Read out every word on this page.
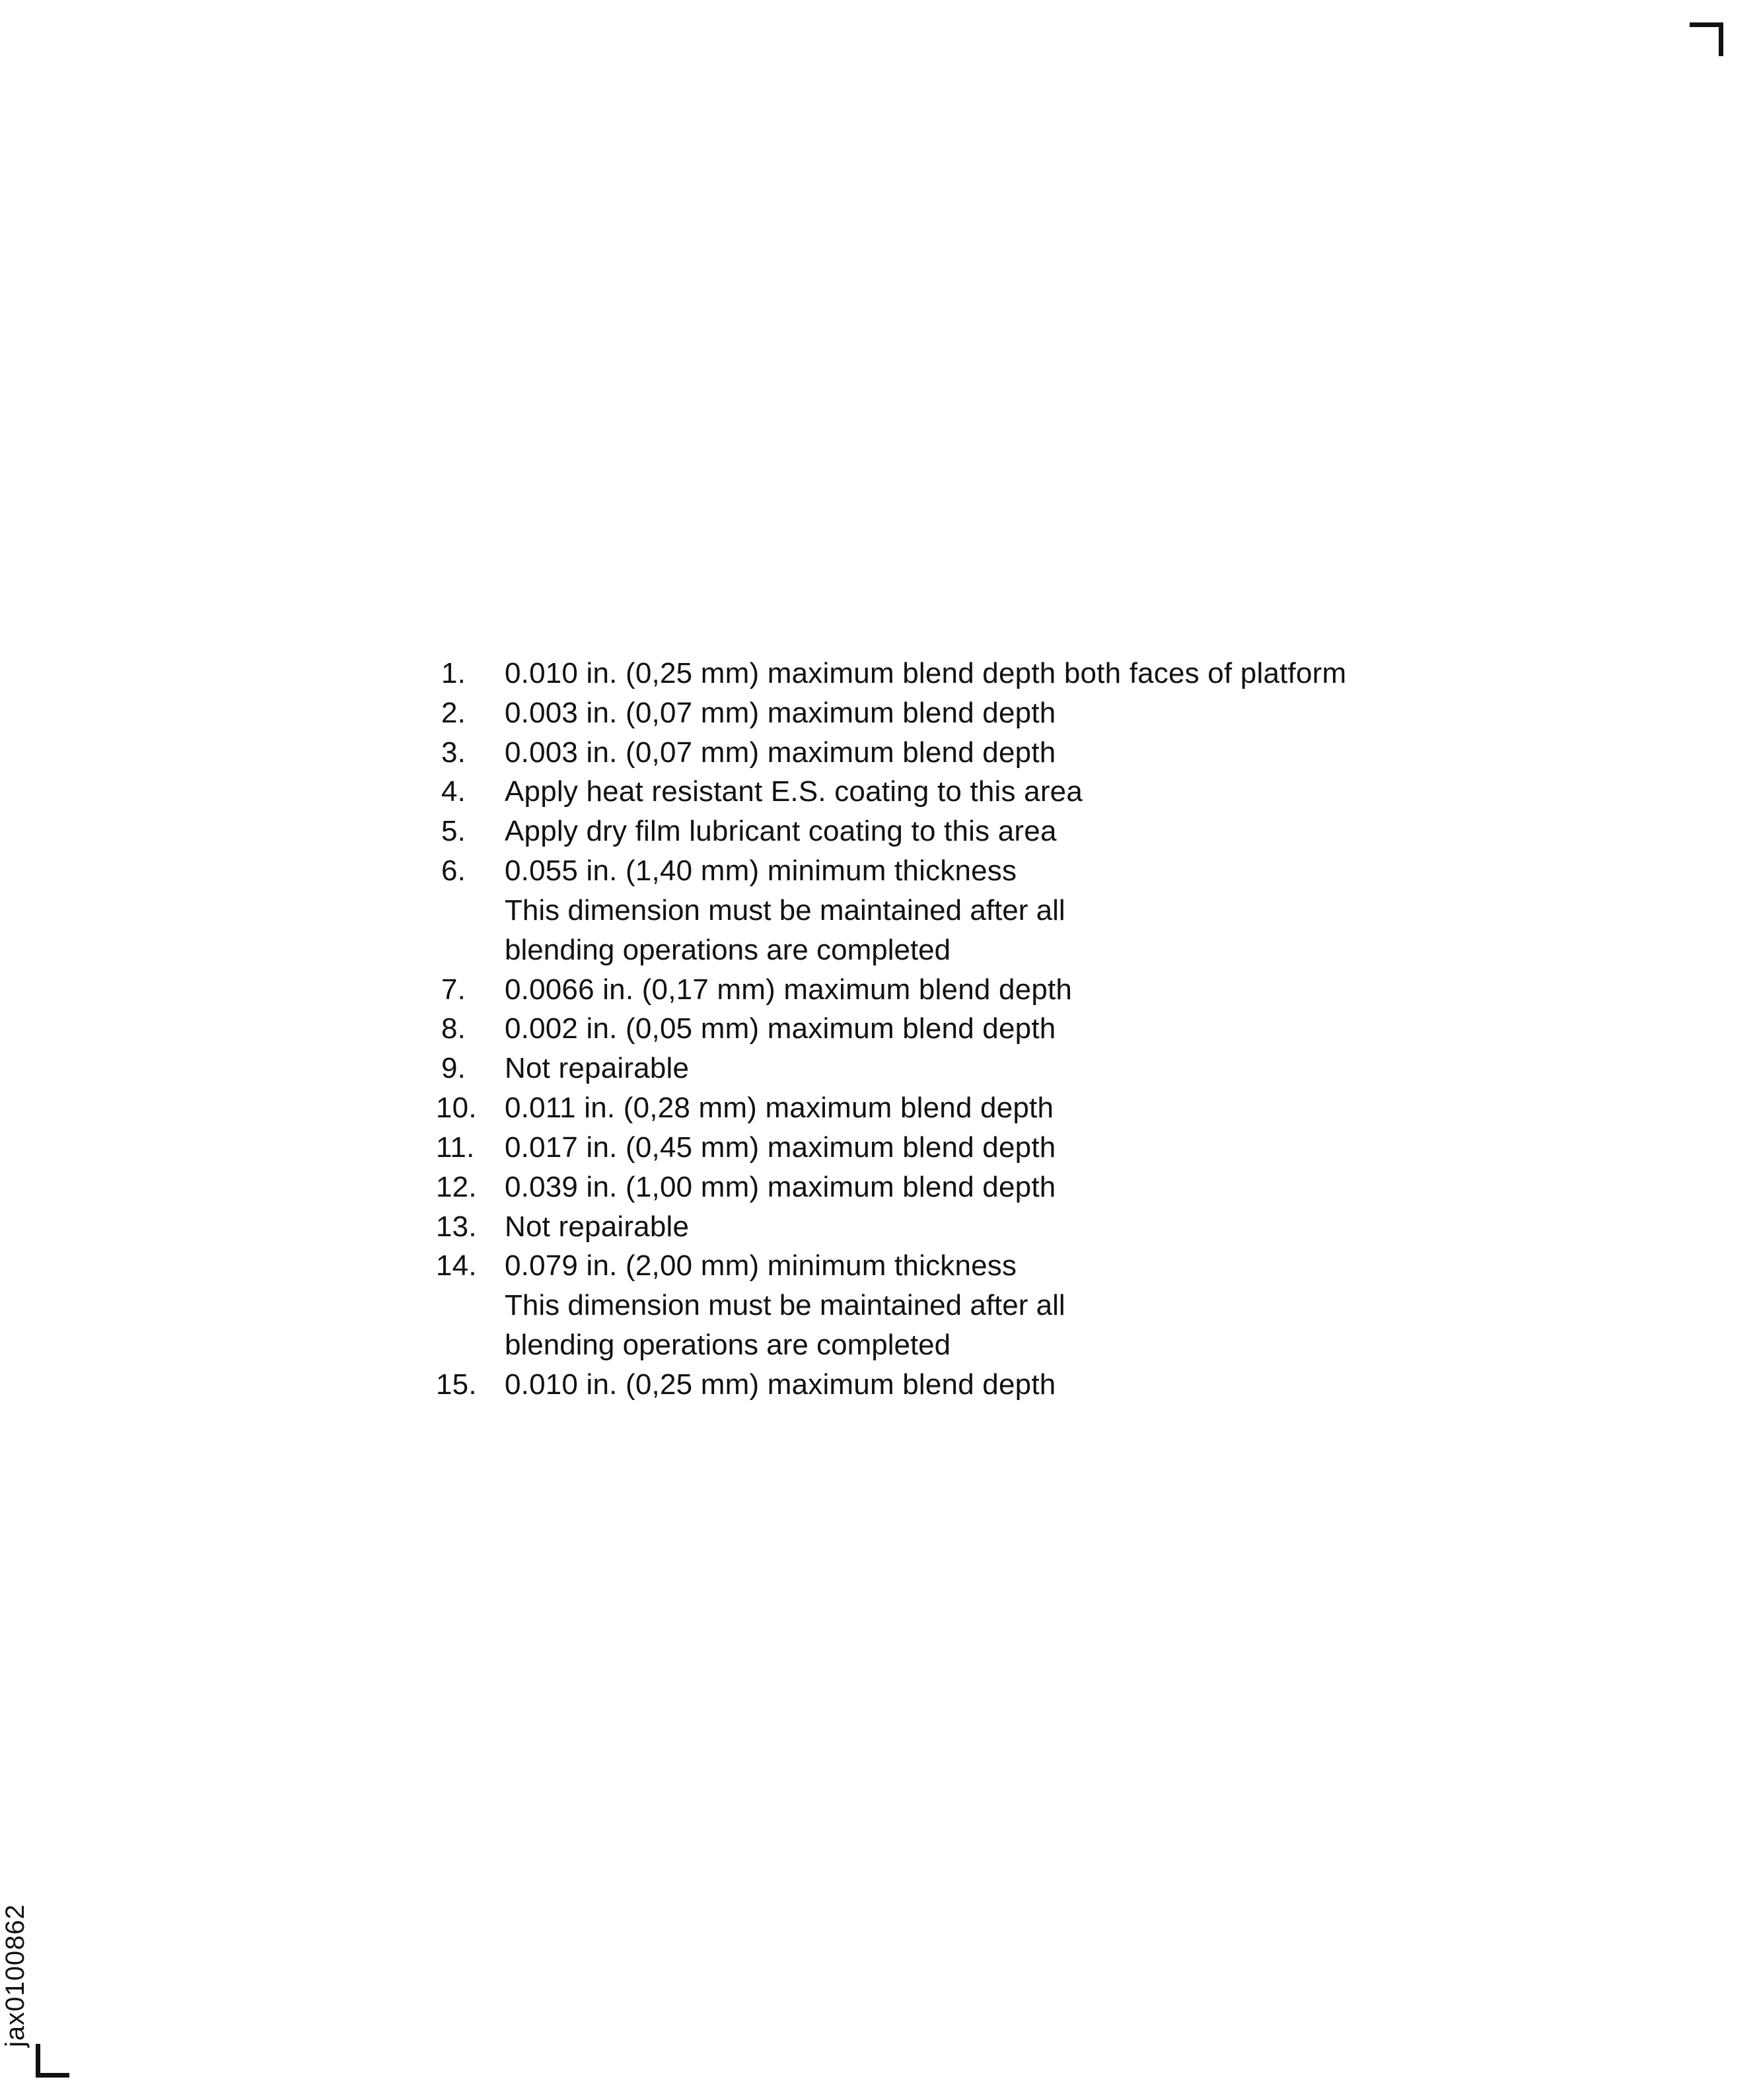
jax0100862
1.	0.010 in. (0,25 mm) maximum blend depth both faces of platform
2.	0.003 in. (0,07 mm) maximum blend depth
3.	0.003 in. (0,07 mm) maximum blend depth
4.	Apply heat resistant E.S. coating to this area
5.	Apply dry film lubricant coating to this area
6.	0.055 in. (1,40 mm) minimum thickness
This dimension must be maintained after all
blending operations are completed
7.	0.0066 in. (0,17 mm) maximum blend depth
8.	0.002 in. (0,05 mm) maximum blend depth
9.	Not repairable
10. 0.011 in. (0,28 mm) maximum blend depth
11.	0.017 in. (0,45 mm) maximum blend depth
12. 0.039 in. (1,00 mm) maximum blend depth
13. Not repairable
14. 0.079 in. (2,00 mm) minimum thickness
This dimension must be maintained after all
blending operations are completed
15. 0.010 in. (0,25 mm) maximum blend depth
